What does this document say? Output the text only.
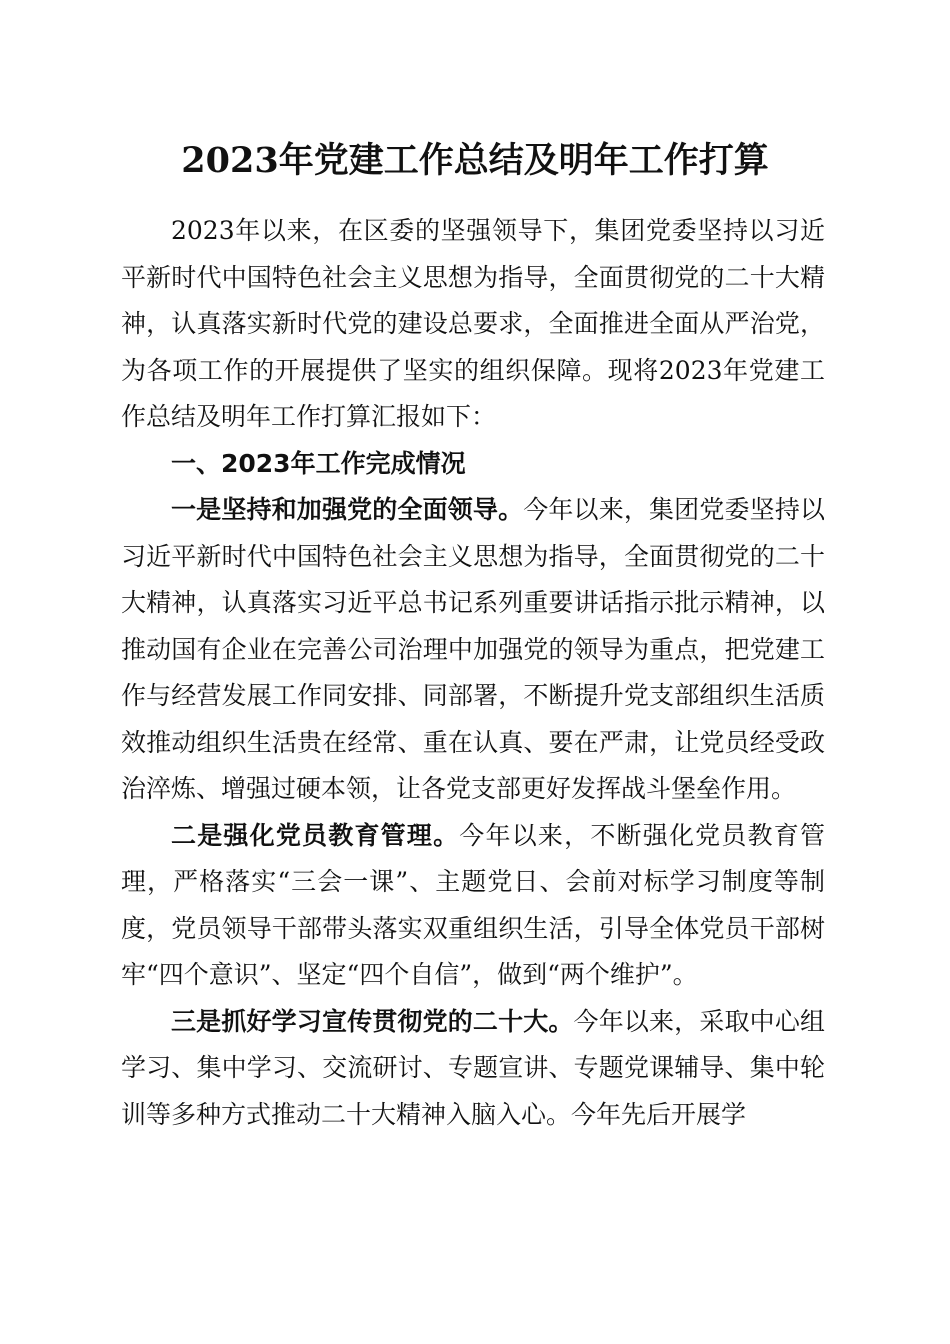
2023年党建工作总结及明年工作打算

2023年以来，在区委的坚强领导下，集团党委坚持以习近平新时代中国特色社会主义思想为指导，全面贯彻党的二十大精神，认真落实新时代党的建设总要求，全面推进全面从严治党，为各项工作的开展提供了坚实的组织保障。现将2023年党建工作总结及明年工作打算汇报如下：

一、2023年工作完成情况

一是坚持和加强党的全面领导。今年以来，集团党委坚持以习近平新时代中国特色社会主义思想为指导，全面贯彻党的二十大精神，认真落实习近平总书记系列重要讲话指示批示精神，以推动国有企业在完善公司治理中加强党的领导为重点，把党建工作与经营发展工作同安排、同部署，不断提升党支部组织生活质效推动组织生活贵在经常、重在认真、要在严肃，让党员经受政治淬炼、增强过硬本领，让各党支部更好发挥战斗堡垒作用。

二是强化党员教育管理。今年以来，不断强化党员教育管理，严格落实“三会一课”、主题党日、会前对标学习制度等制度，党员领导干部带头落实双重组织生活，引导全体党员干部树牢“四个意识”、坚定“四个自信”，做到“两个维护”。

三是抓好学习宣传贯彻党的二十大。今年以来，采取中心组学习、集中学习、交流研讨、专题宣讲、专题党课辅导、集中轮训等多种方式推动二十大精神入脑入心。今年先后开展学
